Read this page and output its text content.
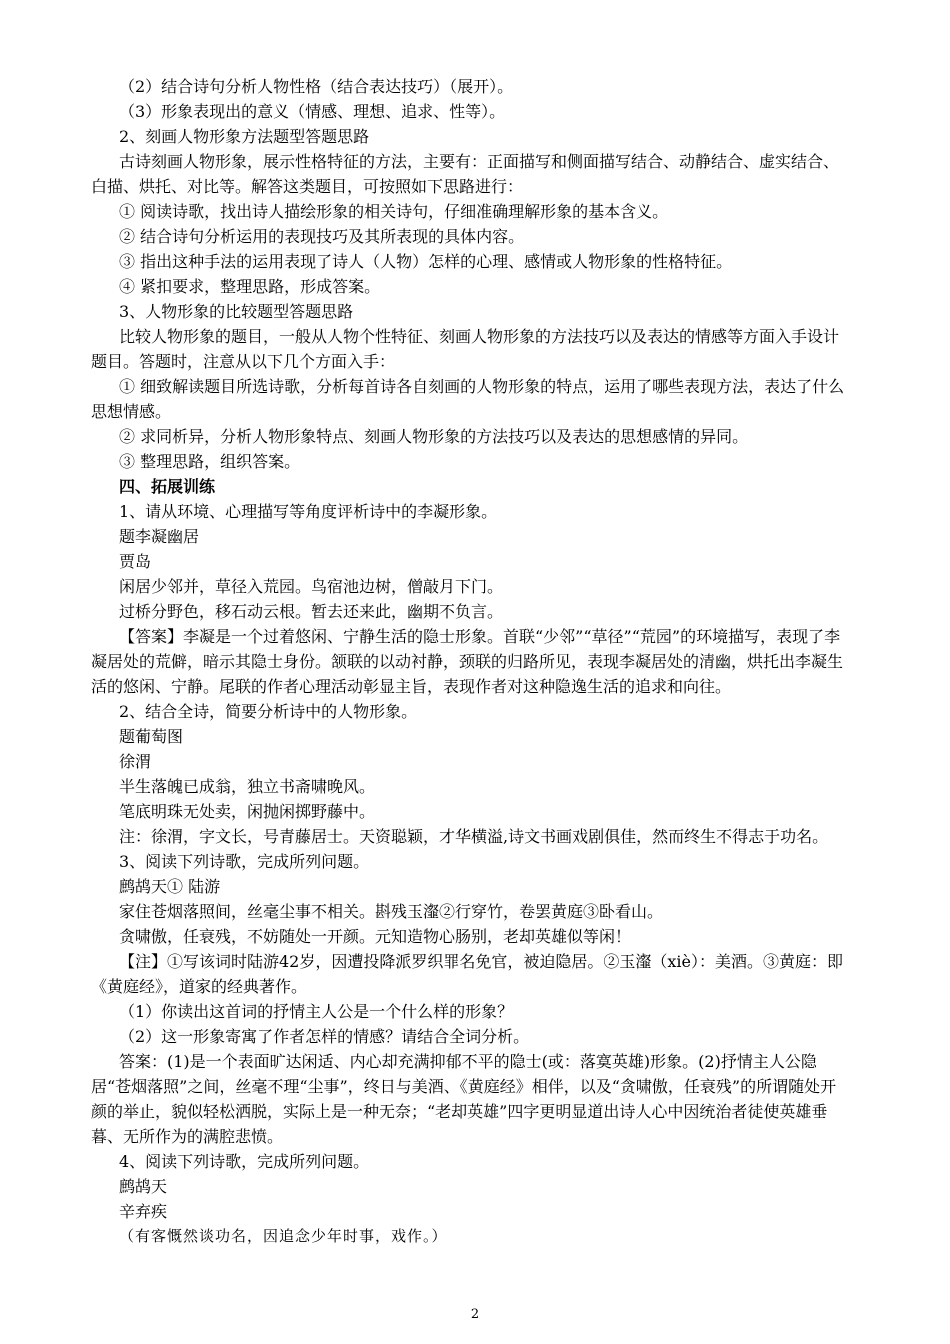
（2）结合诗句分析人物性格（结合表达技巧）（展开）。

（3）形象表现出的意义（情感、理想、追求、性等）。

2、刻画人物形象方法题型答题思路

古诗刻画人物形象，展示性格特征的方法，主要有：正面描写和侧面描写结合、动静结合、虚实结合、白描、烘托、对比等。解答这类题目，可按照如下思路进行：

① 阅读诗歌，找出诗人描绘形象的相关诗句，仔细准确理解形象的基本含义。

② 结合诗句分析运用的表现技巧及其所表现的具体内容。

③ 指出这种手法的运用表现了诗人（人物）怎样的心理、感情或人物形象的性格特征。

④ 紧扣要求，整理思路，形成答案。

3、人物形象的比较题型答题思路

比较人物形象的题目，一般从人物个性特征、刻画人物形象的方法技巧以及表达的情感等方面入手设计题目。答题时，注意从以下几个方面入手：

① 细致解读题目所选诗歌，分析每首诗各自刻画的人物形象的特点，运用了哪些表现方法，表达了什么思想情感。

② 求同析异，分析人物形象特点、刻画人物形象的方法技巧以及表达的思想感情的异同。

③ 整理思路，组织答案。

四、拓展训练

1、请从环境、心理描写等角度评析诗中的李凝形象。

题李凝幽居

贾岛

闲居少邻并，草径入荒园。鸟宿池边树，僧敲月下门。

过桥分野色，移石动云根。暂去还来此，幽期不负言。

【答案】李凝是一个过着悠闲、宁静生活的隐士形象。首联“少邻”“草径”“荒园”的环境描写，表现了李凝居处的荒僻，暗示其隐士身份。颔联的以动衬静，颈联的归路所见，表现李凝居处的清幽，烘托出李凝生活的悠闲、宁静。尾联的作者心理活动彰显主旨，表现作者对这种隐逸生活的追求和向往。

2、结合全诗，简要分析诗中的人物形象。

题葡萄图

徐渭

半生落魄已成翁，独立书斋啸晚风。

笔底明珠无处卖，闲抛闲掷野藤中。

注：徐渭，字文长，号青藤居士。天资聪颖，才华横溢,诗文书画戏剧俱佳，然而终生不得志于功名。

3、阅读下列诗歌，完成所列问题。

鹧鸪天① 陆游

家住苍烟落照间，丝毫尘事不相关。斟残玉瀣②行穿竹，卷罢黄庭③卧看山。

贪啸傲，任衰残，不妨随处一开颜。元知造物心肠别，老却英雄似等闲！

【注】①写该词时陆游42岁，因遭投降派罗织罪名免官，被迫隐居。②玉瀣（xiè）：美酒。③黄庭：即《黄庭经》，道家的经典著作。

（1）你读出这首词的抒情主人公是一个什么样的形象？

（2）这一形象寄寓了作者怎样的情感？请结合全词分析。

答案：(1)是一个表面旷达闲适、内心却充满抑郁不平的隐士(或：落寞英雄)形象。(2)抒情主人公隐居“苍烟落照”之间，丝毫不理“尘事”，终日与美酒、《黄庭经》相伴，以及“贪啸傲，任衰残”的所谓随处开颜的举止，貌似轻松洒脱，实际上是一种无奈；“老却英雄”四字更明显道出诗人心中因统治者徒使英雄垂暮、无所作为的满腔悲愤。

4、阅读下列诗歌，完成所列问题。

鹧鸪天

辛弃疾

（有客慨然谈功名，因追念少年时事，戏作。）

2
